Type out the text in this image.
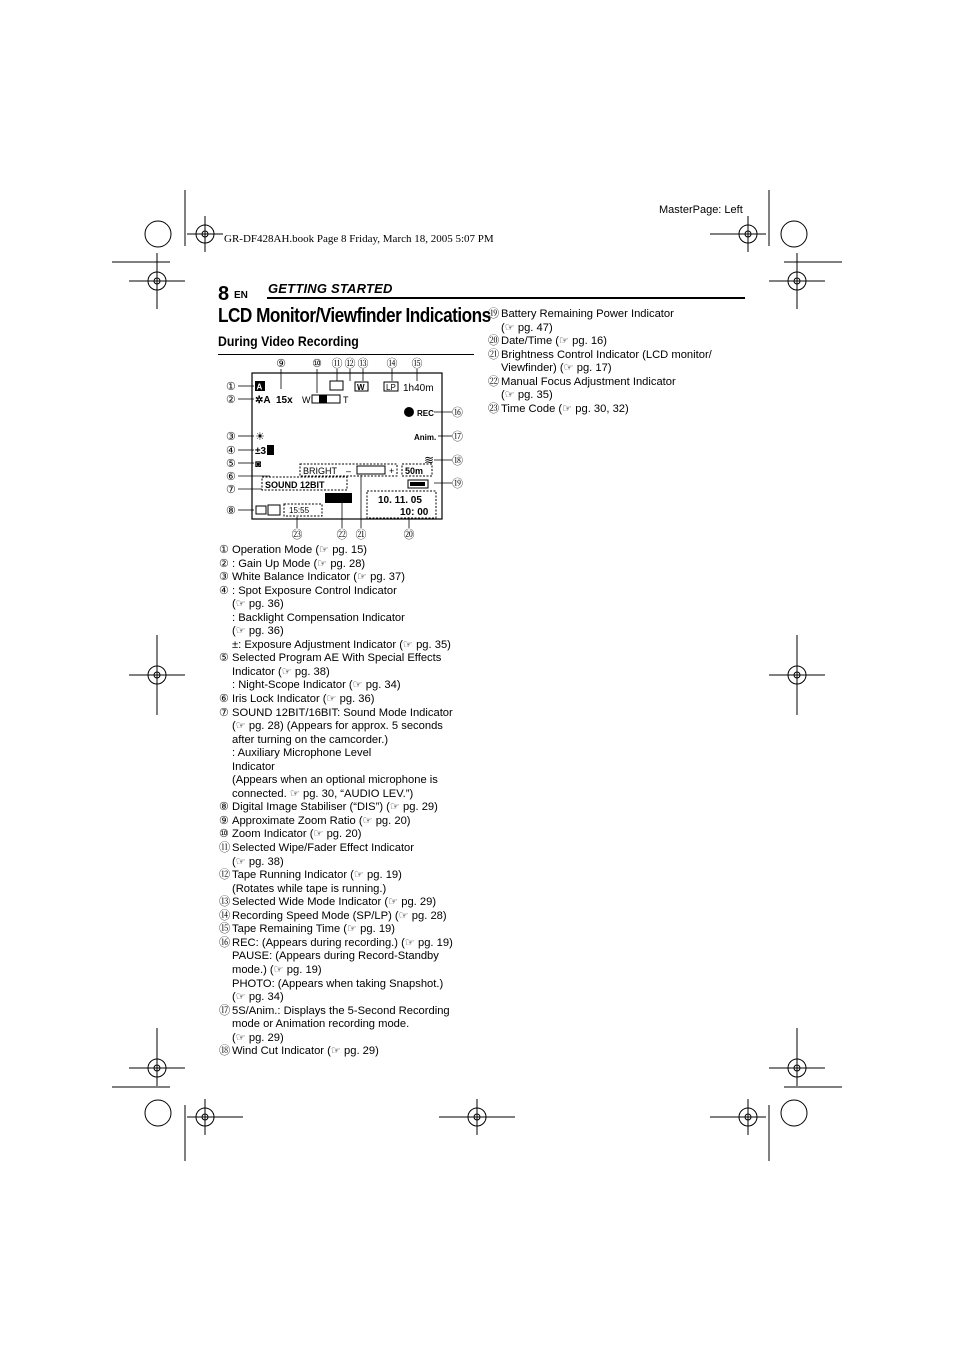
MasterPage: Left
GR-DF428AH.book Page 8 Friday, March 18, 2005 5:07 PM
8 EN GETTING STARTED
LCD Monitor/Viewfinder Indications
During Video Recording
⑨ ⑩ ⑪ ⑫ ⑬ ⑭ ⑮
①
②
③
④
⑤
⑥
⑦
⑧
⑯
⑰
⑱
⑲
㉓	㉒ ㉑	⑳
A
✲A 15x W	T
W	LP 1h40m
REC
Anim.
☀
±3
◙	≋
BRIGHT –	+ 50m
SOUND 12BIT
10. 11. 05
10: 00
15:55
① Operation Mode (☞ pg. 15)
② : Gain Up Mode (☞ pg. 28)
③ White Balance Indicator (☞ pg. 37)
④ : Spot Exposure Control Indicator
(☞ pg. 36)
: Backlight Compensation Indicator
(☞ pg. 36)
±: Exposure Adjustment Indicator (☞ pg. 35)
⑤ Selected Program AE With Special Effects
Indicator (☞ pg. 38)
: Night-Scope Indicator (☞ pg. 34)
⑥ Iris Lock Indicator (☞ pg. 36)
⑦ SOUND 12BIT/16BIT: Sound Mode Indicator
(☞ pg. 28) (Appears for approx. 5 seconds
after turning on the camcorder.)
: Auxiliary Microphone Level
Indicator
(Appears when an optional microphone is
connected. ☞ pg. 30, “AUDIO LEV.”)
⑧ Digital Image Stabiliser (“DIS”) (☞ pg. 29)
⑨ Approximate Zoom Ratio (☞ pg. 20)
⑩ Zoom Indicator (☞ pg. 20)
⑪ Selected Wipe/Fader Effect Indicator
(☞ pg. 38)
⑫ Tape Running Indicator (☞ pg. 19)
(Rotates while tape is running.)
⑬ Selected Wide Mode Indicator (☞ pg. 29)
⑭ Recording Speed Mode (SP/LP) (☞ pg. 28)
⑮ Tape Remaining Time (☞ pg. 19)
⑯ REC: (Appears during recording.) (☞ pg. 19)
PAUSE: (Appears during Record-Standby
mode.) (☞ pg. 19)
PHOTO: (Appears when taking Snapshot.)
(☞ pg. 34)
⑰ 5S/Anim.: Displays the 5-Second Recording
mode or Animation recording mode.
(☞ pg. 29)
⑱ Wind Cut Indicator (☞ pg. 29)
⑲ Battery Remaining Power Indicator
(☞ pg. 47)
⑳ Date/Time (☞ pg. 16)
㉑ Brightness Control Indicator (LCD monitor/
Viewfinder) (☞ pg. 17)
㉒ Manual Focus Adjustment Indicator
(☞ pg. 35)
㉓ Time Code (☞ pg. 30, 32)
